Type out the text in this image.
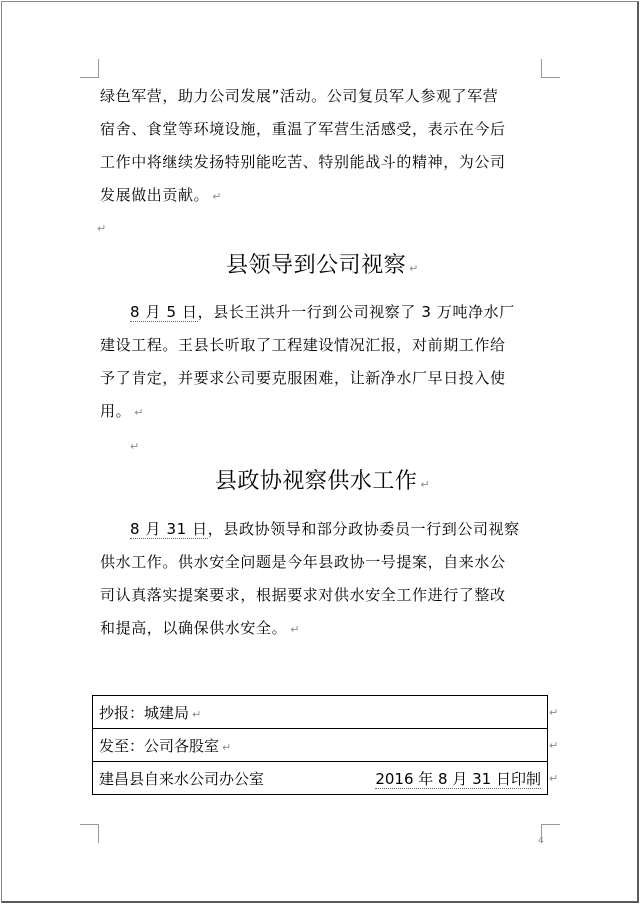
绿色军营，助力公司发展”活动。公司复员军人参观了军营
宿舍、食堂等环境设施，重温了军营生活感受，表示在今后
工作中将继续发扬特别能吃苦、特别能战斗的精神，为公司
发展做出贡献。 ↵
↵
县领导到公司视察 ↵
8 月 5 日，县长王洪升一行到公司视察了 3 万吨净水厂
建设工程。王县长听取了工程建设情况汇报，对前期工作给
予了肯定，并要求公司要克服困难，让新净水厂早日投入使
用。 ↵
↵
县政协视察供水工作 ↵
8 月 31 日，县政协领导和部分政协委员一行到公司视察
供水工作。供水安全问题是今年县政协一号提案，自来水公
司认真落实提案要求，根据要求对供水安全工作进行了整改
和提高，以确保供水安全。 ↵
抄报：城建局 ↵
发至：公司各股室 ↵
建昌县自来水公司办公室	2016 年 8 月 31 日印制
↵
↵
↵
4
